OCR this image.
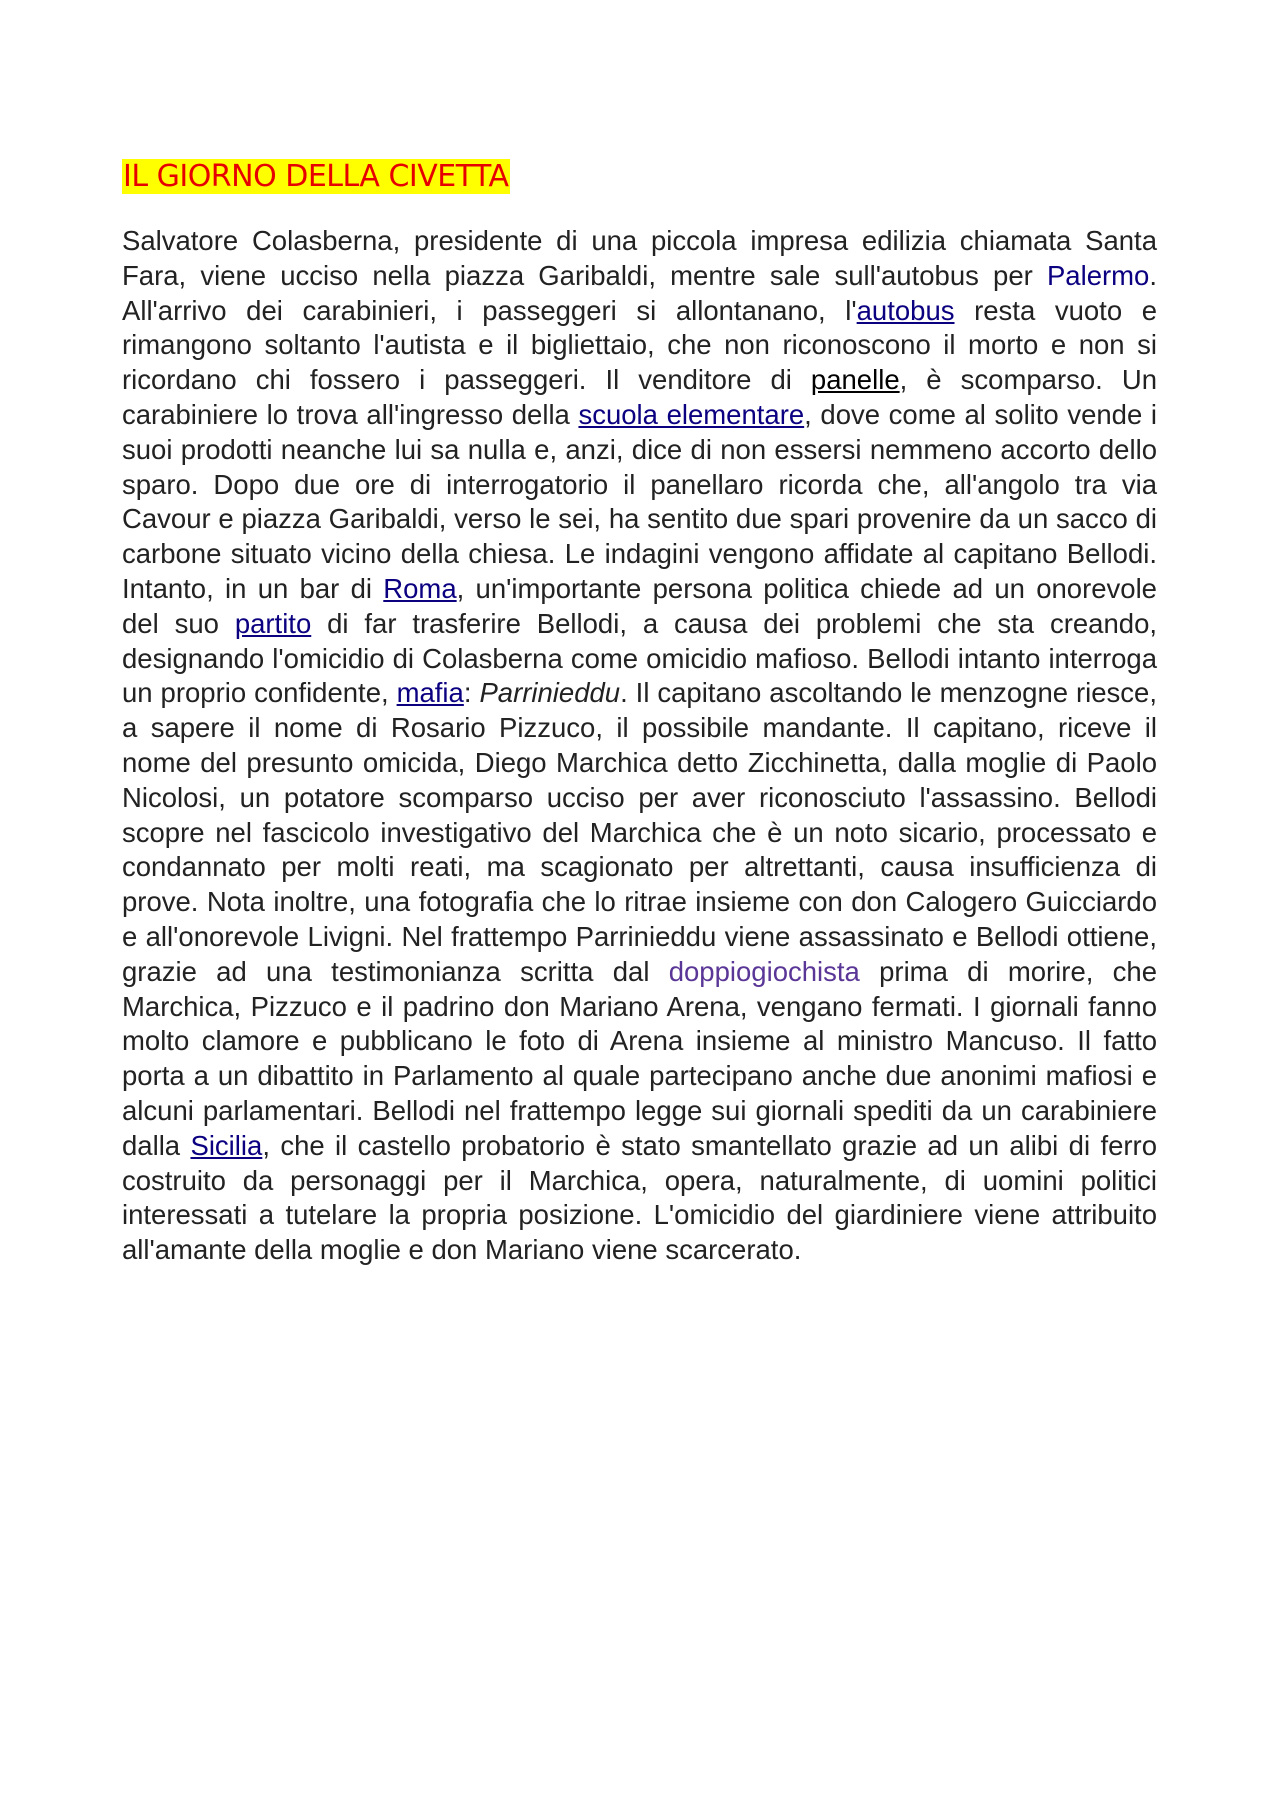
IL GIORNO DELLA CIVETTA

Salvatore Colasberna, presidente di una piccola impresa edilizia chiamata Santa Fara, viene ucciso nella piazza Garibaldi, mentre sale sull'autobus per Palermo. All'arrivo dei carabinieri, i passeggeri si allontanano, l'autobus resta vuoto e rimangono soltanto l'autista e il bigliettaio, che non riconoscono il morto e non si ricordano chi fossero i passeggeri. Il venditore di panelle, è scomparso. Un carabiniere lo trova all'ingresso della scuola elementare, dove come al solito vende i suoi prodotti neanche lui sa nulla e, anzi, dice di non essersi nemmeno accorto dello sparo. Dopo due ore di interrogatorio il panellaro ricorda che, all'angolo tra via Cavour e piazza Garibaldi, verso le sei, ha sentito due spari provenire da un sacco di carbone situato vicino della chiesa. Le indagini vengono affidate al capitano Bellodi. Intanto, in un bar di Roma, un'importante persona politica chiede ad un onorevole del suo partito di far trasferire Bellodi, a causa dei problemi che sta creando, designando l'omicidio di Colasberna come omicidio mafioso. Bellodi intanto interroga un proprio confidente, mafia: Parrinieddu. Il capitano ascoltando le menzogne riesce, a sapere il nome di Rosario Pizzuco, il possibile mandante. Il capitano, riceve il nome del presunto omicida, Diego Marchica detto Zicchinetta, dalla moglie di Paolo Nicolosi, un potatore scomparso ucciso per aver riconosciuto l'assassino. Bellodi scopre nel fascicolo investigativo del Marchica che è un noto sicario, processato e condannato per molti reati, ma scagionato per altrettanti, causa insufficienza di prove. Nota inoltre, una fotografia che lo ritrae insieme con don Calogero Guicciardo e all'onorevole Livigni. Nel frattempo Parrinieddu viene assassinato e Bellodi ottiene, grazie ad una testimonianza scritta dal doppiogiochista prima di morire, che Marchica, Pizzuco e il padrino don Mariano Arena, vengano fermati. I giornali fanno molto clamore e pubblicano le foto di Arena insieme al ministro Mancuso. Il fatto porta a un dibattito in Parlamento al quale partecipano anche due anonimi mafiosi e alcuni parlamentari. Bellodi nel frattempo legge sui giornali spediti da un carabiniere dalla Sicilia, che il castello probatorio è stato smantellato grazie ad un alibi di ferro costruito da personaggi per il Marchica, opera, naturalmente, di uomini politici interessati a tutelare la propria posizione. L'omicidio del giardiniere viene attribuito all'amante della moglie e don Mariano viene scarcerato.
